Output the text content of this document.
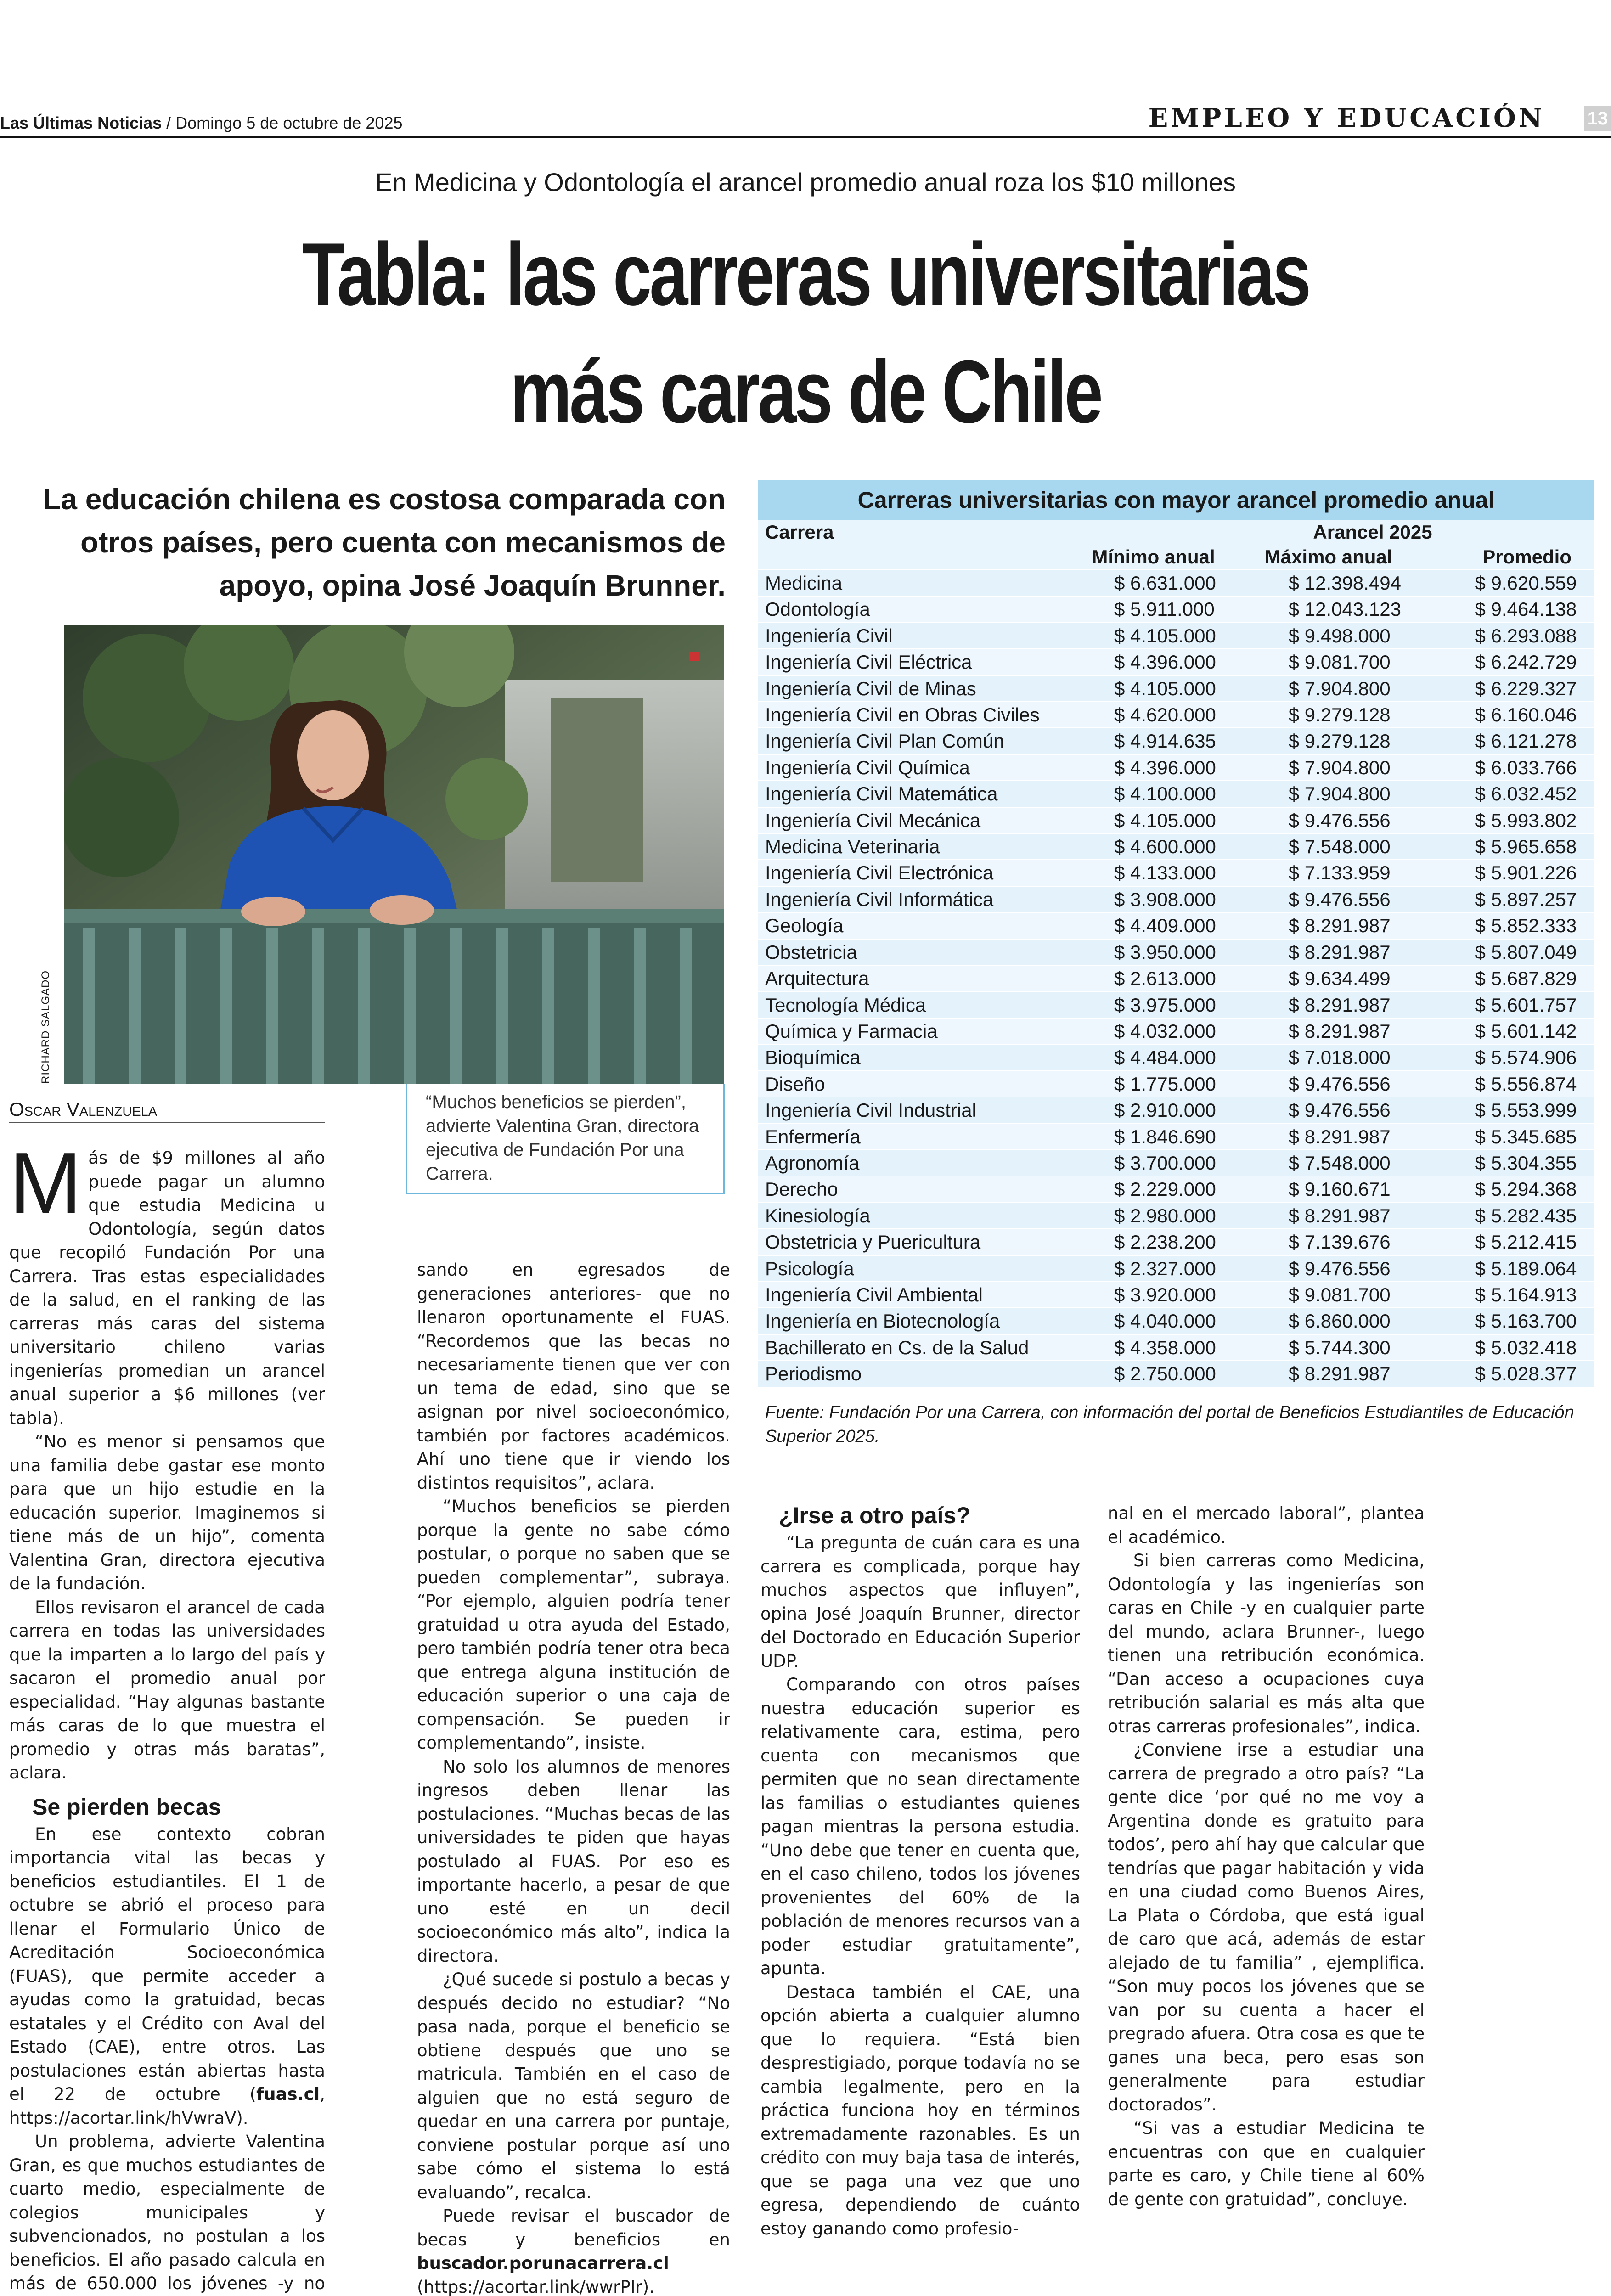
Las Últimas Noticias / Domingo 5 de octubre de 2025	EMPLEO Y EDUCACIÓN	13
En Medicina y Odontología el arancel promedio anual roza los $10 millones
Tabla: las carreras universitarias
más caras de Chile
La educación chilena es costosa comparada con otros países, pero cuenta con mecanismos de apoyo, opina José Joaquín Brunner.
RICHARD SALGADO
“Muchos beneficios se pierden”, advierte Valentina Gran, directora ejecutiva de Fundación Por una Carrera.
Oscar Valenzuela

Más de $9 millones al año puede pagar un alumno que estudia Medicina u Odontología, según datos que recopiló Fundación Por una Carrera. Tras estas especialidades de la salud, en el ranking de las carreras más caras del sistema universitario chileno varias ingenierías promedian un arancel anual superior a $6 millones (ver tabla).

“No es menor si pensamos que una familia debe gastar ese monto para que un hijo estudie en la educación superior. Imaginemos si tiene más de un hijo”, comenta Valentina Gran, directora ejecutiva de la fundación.

Ellos revisaron el arancel de cada carrera en todas las universidades que la imparten a lo largo del país y sacaron el promedio anual por especialidad. “Hay algunas bastante más caras de lo que muestra el promedio y otras más baratas”, aclara.

Se pierden becas

En ese contexto cobran importancia vital las becas y beneficios estudiantiles. El 1 de octubre se abrió el proceso para llenar el Formulario Único de Acreditación Socioeconómica (FUAS), que permite acceder a ayudas como la gratuidad, becas estatales y el Crédito con Aval del Estado (CAE), entre otros. Las postulaciones están abiertas hasta el 22 de octubre (fuas.cl, https://acortar.link/hVwraV).

Un problema, advierte Valentina Gran, es que muchos estudiantes de cuarto medio, especialmente de colegios municipales y subvencionados, no postulan a los beneficios. El año pasado calcula en más de 650.000 los jóvenes -y no

sando en egresados de generaciones anteriores- que no llenaron oportunamente el FUAS. “Recordemos que las becas no necesariamente tienen que ver con un tema de edad, sino que se asignan por nivel socioeconómico, también por factores académicos. Ahí uno tiene que ir viendo los distintos requisitos”, aclara.

“Muchos beneficios se pierden porque la gente no sabe cómo postular, o porque no saben que se pueden complementar”, subraya. “Por ejemplo, alguien podría tener gratuidad u otra ayuda del Estado, pero también podría tener otra beca que entrega alguna institución de educación superior o una caja de compensación. Se pueden ir complementando”, insiste.

No solo los alumnos de menores ingresos deben llenar las postulaciones. “Muchas becas de las universidades te piden que hayas postulado al FUAS. Por eso es importante hacerlo, a pesar de que uno esté en un decil socioeconómico más alto”, indica la directora.

¿Qué sucede si postulo a becas y después decido no estudiar? “No pasa nada, porque el beneficio se obtiene después que uno se matricula. También en el caso de alguien que no está seguro de quedar en una carrera por puntaje, conviene postular porque así uno sabe cómo el sistema lo está evaluando”, recalca.

Puede revisar el buscador de becas y beneficios en buscador.porunacarrera.cl (https://acortar.link/wwrPIr).

¿Irse a otro país?

“La pregunta de cuán cara es una carrera es complicada, porque hay muchos aspectos que influyen”, opina José Joaquín Brunner, director del Doctorado en Educación Superior UDP.

Comparando con otros países nuestra educación superior es relativamente cara, estima, pero cuenta con mecanismos que permiten que no sean directamente las familias o estudiantes quienes pagan mientras la persona estudia. “Uno debe que tener en cuenta que, en el caso chileno, todos los jóvenes provenientes del 60% de la población de menores recursos van a poder estudiar gratuitamente”, apunta.

Destaca también el CAE, una opción abierta a cualquier alumno que lo requiera. “Está bien desprestigiado, porque todavía no se cambia legalmente, pero en la práctica funciona hoy en términos extremadamente razonables. Es un crédito con muy baja tasa de interés, que se paga una vez que uno egresa, dependiendo de cuánto estoy ganando como profesio-

nal en el mercado laboral”, plantea el académico.

Si bien carreras como Medicina, Odontología y las ingenierías son caras en Chile -y en cualquier parte del mundo, aclara Brunner-, luego tienen una retribución económica. “Dan acceso a ocupaciones cuya retribución salarial es más alta que otras carreras profesionales”, indica.

¿Conviene irse a estudiar una carrera de pregrado a otro país? “La gente dice ‘por qué no me voy a Argentina donde es gratuito para todos’, pero ahí hay que calcular que tendrías que pagar habitación y vida en una ciudad como Buenos Aires, La Plata o Córdoba, que está igual de caro que acá, además de estar alejado de tu familia” , ejemplifica. “Son muy pocos los jóvenes que se van por su cuenta a hacer el pregrado afuera. Otra cosa es que te ganes una beca, pero esas son generalmente para estudiar doctorados”.

“Si vas a estudiar Medicina te encuentras con que en cualquier parte es caro, y Chile tiene al 60% de gente con gratuidad”, concluye.

Carreras universitarias con mayor arancel promedio anual
Carrera	Arancel 2025		
	Mínimo anual	Máximo anual	Promedio
Medicina	$ 6.631.000	$ 12.398.494	$ 9.620.559
Odontología	$ 5.911.000	$ 12.043.123	$ 9.464.138
Ingeniería Civil	$ 4.105.000	$ 9.498.000	$ 6.293.088
Ingeniería Civil Eléctrica	$ 4.396.000	$ 9.081.700	$ 6.242.729
Ingeniería Civil de Minas	$ 4.105.000	$ 7.904.800	$ 6.229.327
Ingeniería Civil en Obras Civiles	$ 4.620.000	$ 9.279.128	$ 6.160.046
Ingeniería Civil Plan Común	$ 4.914.635	$ 9.279.128	$ 6.121.278
Ingeniería Civil Química	$ 4.396.000	$ 7.904.800	$ 6.033.766
Ingeniería Civil Matemática	$ 4.100.000	$ 7.904.800	$ 6.032.452
Ingeniería Civil Mecánica	$ 4.105.000	$ 9.476.556	$ 5.993.802
Medicina Veterinaria	$ 4.600.000	$ 7.548.000	$ 5.965.658
Ingeniería Civil Electrónica	$ 4.133.000	$ 7.133.959	$ 5.901.226
Ingeniería Civil Informática	$ 3.908.000	$ 9.476.556	$ 5.897.257
Geología	$ 4.409.000	$ 8.291.987	$ 5.852.333
Obstetricia	$ 3.950.000	$ 8.291.987	$ 5.807.049
Arquitectura	$ 2.613.000	$ 9.634.499	$ 5.687.829
Tecnología Médica	$ 3.975.000	$ 8.291.987	$ 5.601.757
Química y Farmacia	$ 4.032.000	$ 8.291.987	$ 5.601.142
Bioquímica	$ 4.484.000	$ 7.018.000	$ 5.574.906
Diseño	$ 1.775.000	$ 9.476.556	$ 5.556.874
Ingeniería Civil Industrial	$ 2.910.000	$ 9.476.556	$ 5.553.999
Enfermería	$ 1.846.690	$ 8.291.987	$ 5.345.685
Agronomía	$ 3.700.000	$ 7.548.000	$ 5.304.355
Derecho	$ 2.229.000	$ 9.160.671	$ 5.294.368
Kinesiología	$ 2.980.000	$ 8.291.987	$ 5.282.435
Obstetricia y Puericultura	$ 2.238.200	$ 7.139.676	$ 5.212.415
Psicología	$ 2.327.000	$ 9.476.556	$ 5.189.064
Ingeniería Civil Ambiental	$ 3.920.000	$ 9.081.700	$ 5.164.913
Ingeniería en Biotecnología	$ 4.040.000	$ 6.860.000	$ 5.163.700
Bachillerato en Cs. de la Salud	$ 4.358.000	$ 5.744.300	$ 5.032.418
Periodismo	$ 2.750.000	$ 8.291.987	$ 5.028.377
Fuente: Fundación Por una Carrera, con información del portal de Beneficios Estudiantiles de Educación Superior 2025.
